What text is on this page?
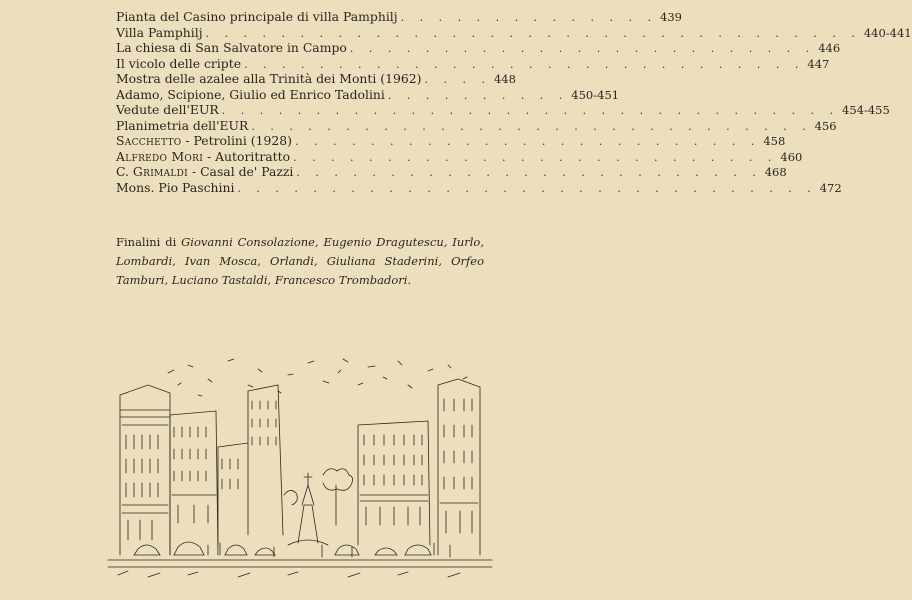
Pianta del Casino principale di villa Pamphilj . . . . . . . . . . . . . . 439
Villa Pamphilj . . . . . . . . . . . . . . . . . . . . . . . . . . . . . . . . . . . 440-441
La chiesa di San Salvatore in Campo . . . . . . . . . . . . . . . . . . . . . . . . . 446
Il vicolo delle cripte . . . . . . . . . . . . . . . . . . . . . . . . . . . . . . 447
Mostra delle azalee alla Trinità dei Monti (1962) . . . . 448
Adamo, Scipione, Giulio ed Enrico Tadolini . . . . . . . . . . 450-451
Vedute dell'EUR . . . . . . . . . . . . . . . . . . . . . . . . . . . . . . . . . 454-455
Planimetria dell'EUR . . . . . . . . . . . . . . . . . . . . . . . . . . . . . . 456
Sacchetto - Petrolini (1928) . . . . . . . . . . . . . . . . . . . . . . . . . 458
Alfredo Mori - Autoritratto . . . . . . . . . . . . . . . . . . . . . . . . . . 460
C. Grimaldi - Casal de' Pazzi . . . . . . . . . . . . . . . . . . . . . . . . . 468
Mons. Pio Paschini . . . . . . . . . . . . . . . . . . . . . . . . . . . . . . . 472
Finalini di Giovanni Consolazione, Eugenio Dragutescu, Iurlo, Lombardi, Ivan Mosca, Orlandi, Giuliana Staderini, Orfeo Tamburi, Luciano Tastaldi, Francesco Trombadori.
